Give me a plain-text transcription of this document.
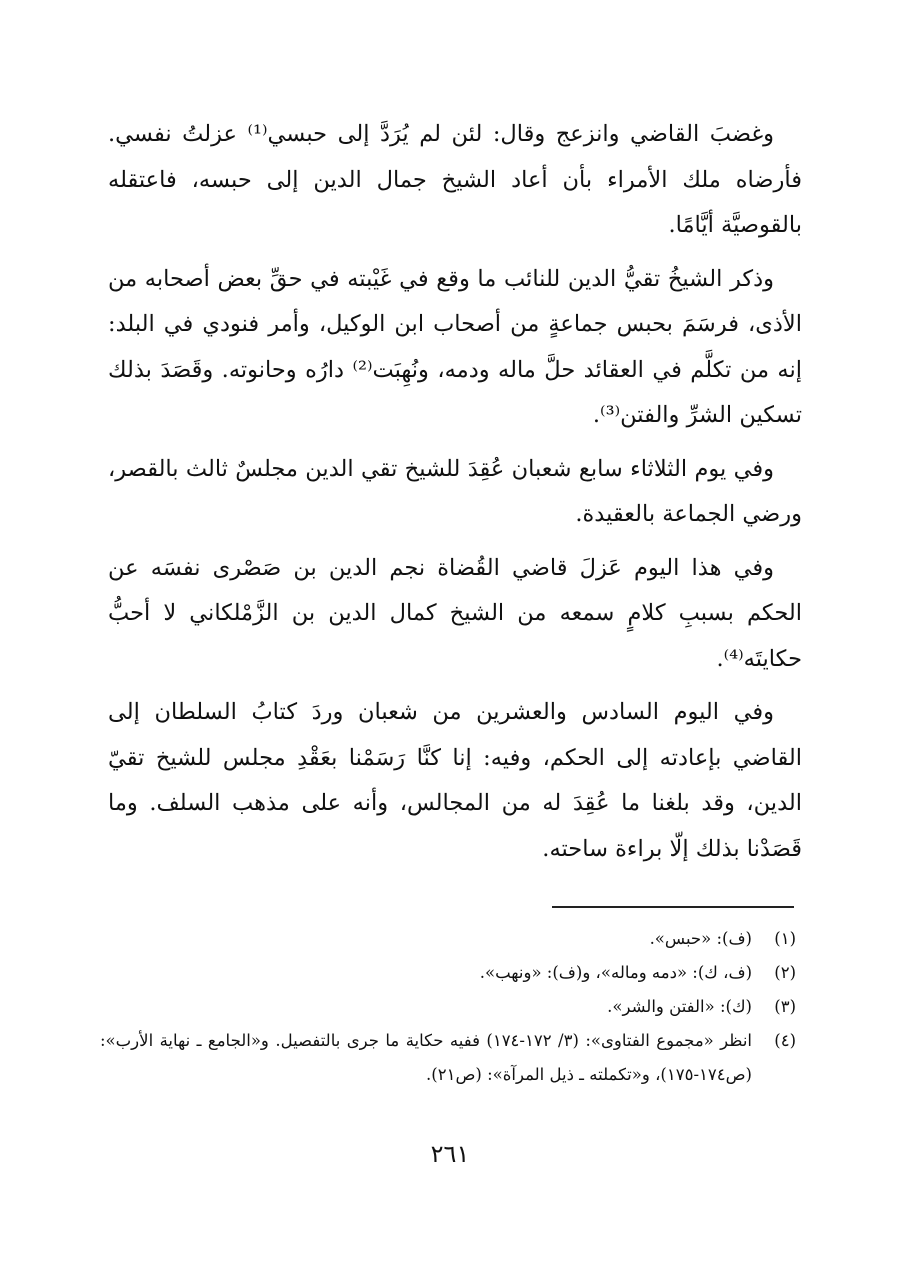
وغضبَ القاضي وانزعج وقال: لئن لم يُرَدَّ إلى حبسي⁽¹⁾ عزلتُ نفسي. فأرضاه ملك الأمراء بأن أعاد الشيخ جمال الدين إلى حبسه، فاعتقله بالقوصيَّة أيَّامًا.

وذكر الشيخُ تقيُّ الدين للنائب ما وقع في غَيْبته في حقِّ بعض أصحابه من الأذى، فرسَمَ بحبس جماعةٍ من أصحاب ابن الوكيل، وأمر فنودي في البلد: إنه من تكلَّم في العقائد حلَّ ماله ودمه، ونُهِبَت⁽²⁾ دارُه وحانوته. وقَصَدَ بذلك تسكين الشرِّ والفتن⁽³⁾.

وفي يوم الثلاثاء سابع شعبان عُقِدَ للشيخ تقي الدين مجلسٌ ثالث بالقصر، ورضي الجماعة بالعقيدة.

وفي هذا اليوم عَزلَ قاضي القُضاة نجم الدين بن صَصْرى نفسَه عن الحكم بسببِ كلامٍ سمعه من الشيخ كمال الدين بن الزَّمْلكاني لا أحبُّ حكايتَه⁽⁴⁾.

وفي اليوم السادس والعشرين من شعبان وردَ كتابُ السلطان إلى القاضي بإعادته إلى الحكم، وفيه: إنا كنَّا رَسَمْنا بعَقْدِ مجلس للشيخ تقيّ الدين، وقد بلغنا ما عُقِدَ له من المجالس، وأنه على مذهب السلف. وما قَصَدْنا بذلك إلّا براءة ساحته.

(١)
(ف): «حبس».
(٢)
(ف، ك): «دمه وماله»، و(ف): «ونهب».
(٣)
(ك): «الفتن والشر».
(٤)
انظر «مجموع الفتاوى»: (٣/ ١٧٢-١٧٤) ففيه حكاية ما جرى بالتفصيل. و«الجامع ـ نهاية الأرب»: (ص١٧٤-١٧٥)، و«تكملته ـ ذيل المرآة»: (ص٢١).
٢٦١
